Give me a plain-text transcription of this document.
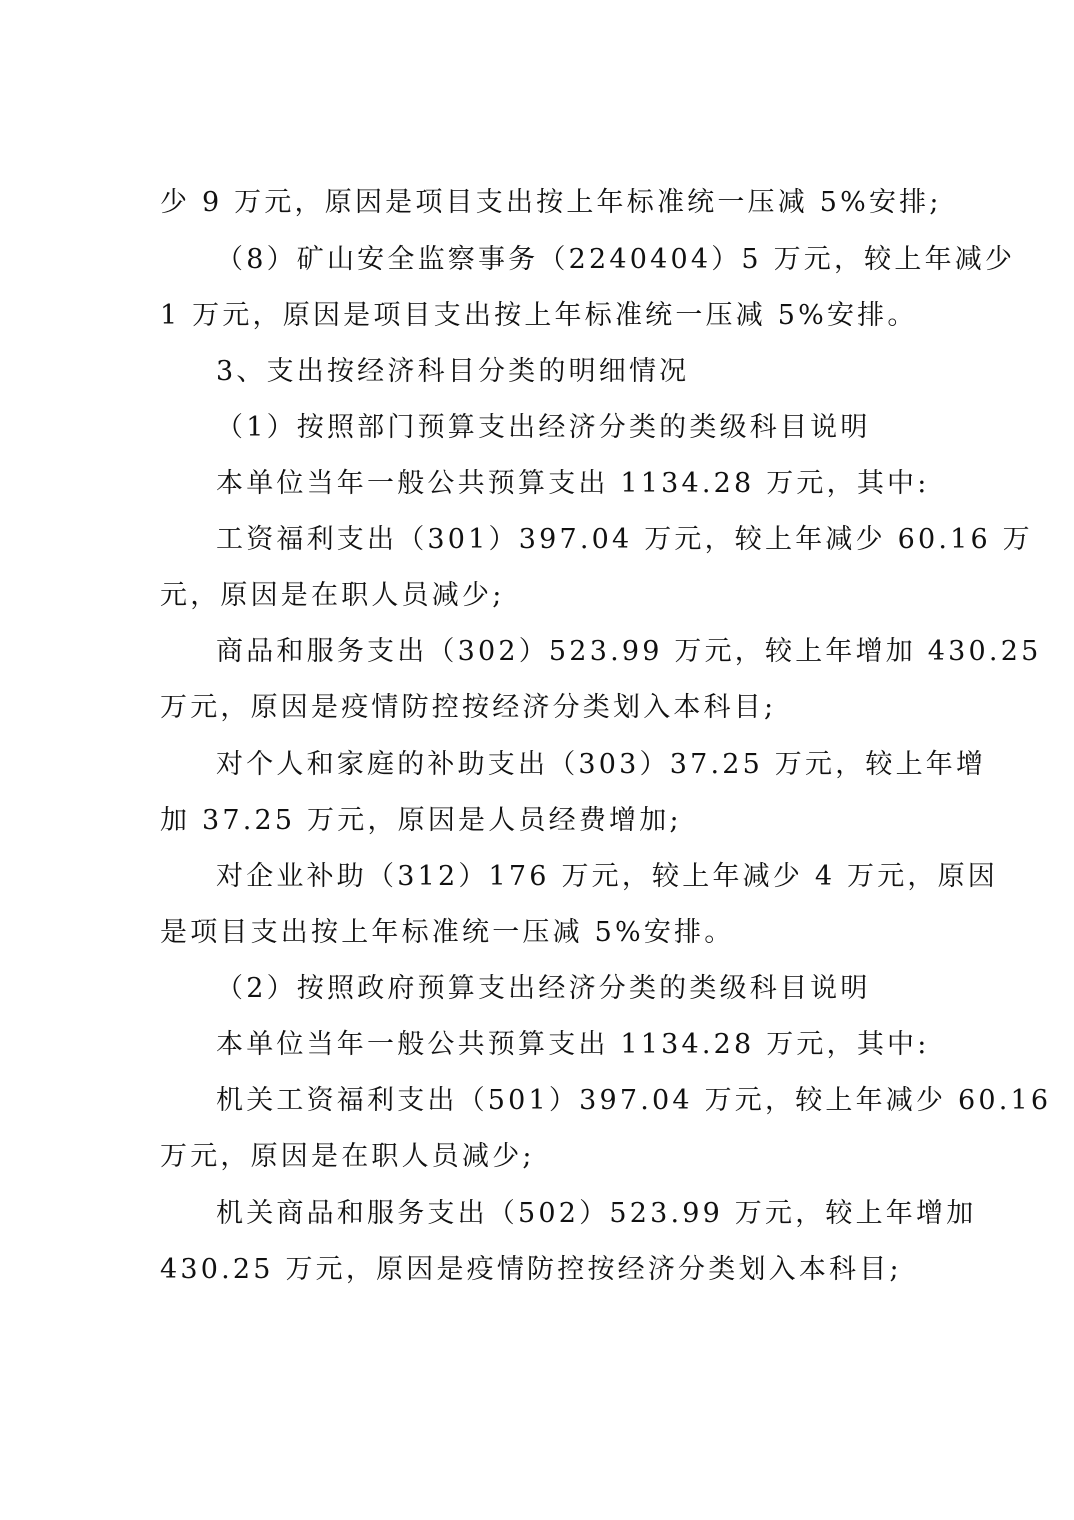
少 9 万元，原因是项目支出按上年标准统一压减 5%安排;
（8）矿山安全监察事务（2240404）5 万元，较上年减少
1 万元，原因是项目支出按上年标准统一压减 5%安排。
3、支出按经济科目分类的明细情况
（1）按照部门预算支出经济分类的类级科目说明
本单位当年一般公共预算支出 1134.28 万元，其中:
工资福利支出（301）397.04 万元，较上年减少 60.16 万
元，原因是在职人员减少;
商品和服务支出（302）523.99 万元，较上年增加 430.25
万元，原因是疫情防控按经济分类划入本科目;
对个人和家庭的补助支出（303）37.25 万元，较上年增
加 37.25 万元，原因是人员经费增加;
对企业补助（312）176 万元，较上年减少 4 万元，原因
是项目支出按上年标准统一压减 5%安排。
（2）按照政府预算支出经济分类的类级科目说明
本单位当年一般公共预算支出 1134.28 万元，其中:
机关工资福利支出（501）397.04 万元，较上年减少 60.16
万元，原因是在职人员减少;
机关商品和服务支出（502）523.99 万元，较上年增加
430.25 万元，原因是疫情防控按经济分类划入本科目;
